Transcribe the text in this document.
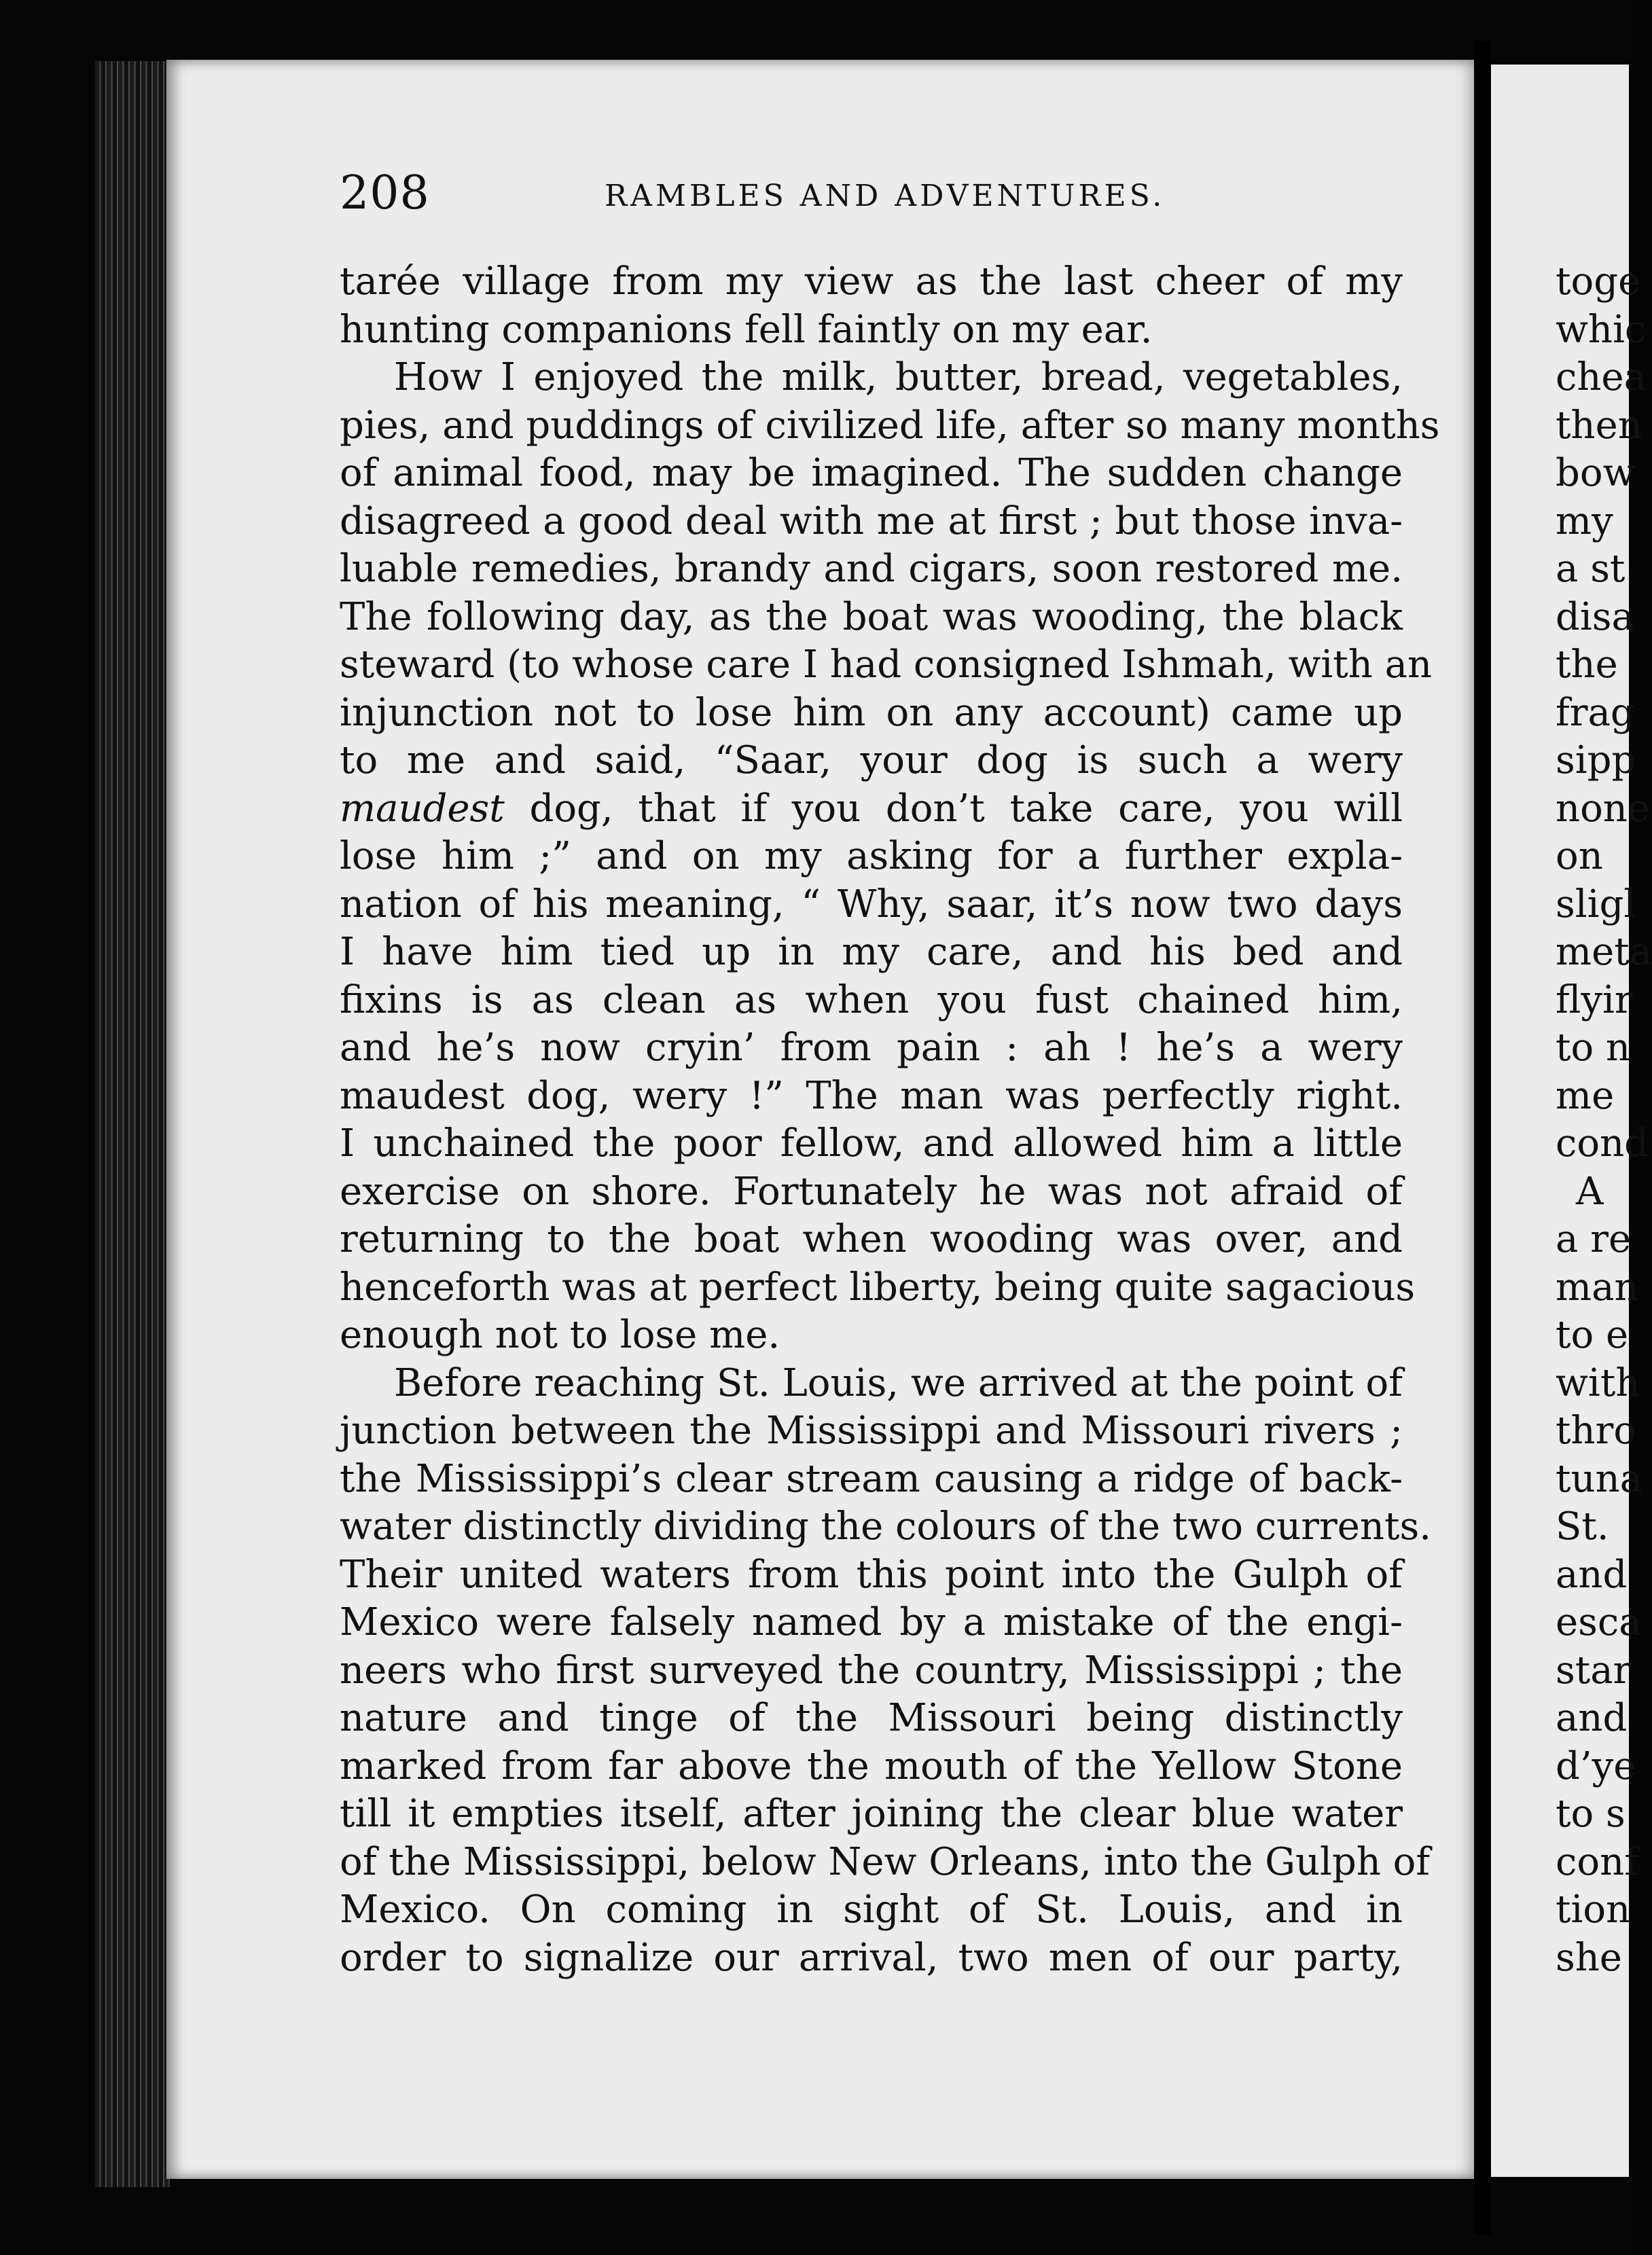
208	RAMBLES AND ADVENTURES.
tarée village from my view as the last cheer of my
hunting companions fell faintly on my ear.
How I enjoyed the milk, butter, bread, vegetables,
pies, and puddings of civilized life, after so many months
of animal food, may be imagined. The sudden change
disagreed a good deal with me at first ; but those inva-
luable remedies, brandy and cigars, soon restored me.
The following day, as the boat was wooding, the black
steward (to whose care I had consigned Ishmah, with an
injunction not to lose him on any account) came up
to me and said, “Saar, your dog is such a wery
maudest dog, that if you don’t take care, you will
lose him ;” and on my asking for a further expla-
nation of his meaning, “ Why, saar, it’s now two days
I have him tied up in my care, and his bed and
fixins is as clean as when you fust chained him,
and he’s now cryin’ from pain : ah ! he’s a wery
maudest dog, wery !” The man was perfectly right.
I unchained the poor fellow, and allowed him a little
exercise on shore. Fortunately he was not afraid of
returning to the boat when wooding was over, and
henceforth was at perfect liberty, being quite sagacious
enough not to lose me.
Before reaching St. Louis, we arrived at the point of
junction between the Mississippi and Missouri rivers ;
the Mississippi’s clear stream causing a ridge of back-
water distinctly dividing the colours of the two currents.
Their united waters from this point into the Gulph of
Mexico were falsely named by a mistake of the engi-
neers who first surveyed the country, Mississippi ; the
nature and tinge of the Missouri being distinctly
marked from far above the mouth of the Yellow Stone
till it empties itself, after joining the clear blue water
of the Mississippi, below New Orleans, into the Gulph of
Mexico. On coming in sight of St. Louis, and in
order to signalize our arrival, two men of our party,
toge
whic
chea
then
bow
my
a st
disa
the
frag
sipp
none
on
sligl
meta
flyir
to n
me
cond
A
a re
man
to e
with
thro
tuna
St.
and
esca
star
and
d’ye
to s
conf
tion
she
